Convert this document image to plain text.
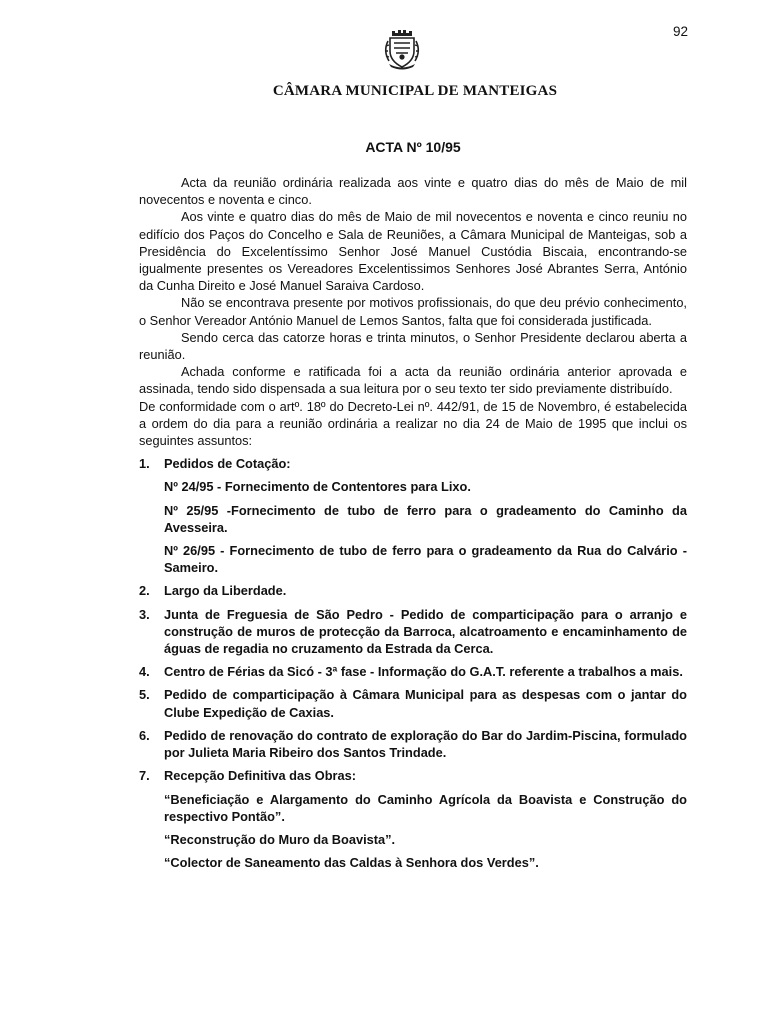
92
CÂMARA MUNICIPAL DE MANTEIGAS
ACTA Nº 10/95

Acta da reunião ordinária realizada aos vinte e quatro dias do mês de Maio de mil novecentos e noventa e cinco.

Aos vinte e quatro dias do mês de Maio de mil novecentos e noventa e cinco reuniu no edifício dos Paços do Concelho e Sala de Reuniões, a Câmara Municipal de Manteigas, sob a Presidência do Excelentíssimo Senhor José Manuel Custódia Biscaia, encontrando-se igualmente presentes os Vereadores Excelentissimos Senhores José Abrantes Serra, António da Cunha Direito e José Manuel Saraiva Cardoso.

Não se encontrava presente por motivos profissionais, do que deu prévio conhecimento, o Senhor Vereador António Manuel de Lemos Santos, falta que foi considerada justificada.

Sendo cerca das catorze horas e trinta minutos, o Senhor Presidente declarou aberta a reunião.

Achada conforme e ratificada foi a acta da reunião ordinária anterior aprovada e assinada, tendo sido dispensada a sua leitura por o seu texto ter sido previamente distribuído.

De conformidade com o artº. 18º do Decreto-Lei nº. 442/91, de 15 de Novembro, é estabelecida a ordem do dia para a reunião ordinária a realizar no dia 24 de Maio de 1995 que inclui os seguintes assuntos:

1. Pedidos de Cotação:
Nº 24/95 - Fornecimento de Contentores para Lixo.
Nº 25/95 -Fornecimento de tubo de ferro para o gradeamento do Caminho da Avesseira.
Nº 26/95 - Fornecimento de tubo de ferro para o gradeamento da Rua do Calvário - Sameiro.
2. Largo da Liberdade.
3. Junta de Freguesia de São Pedro - Pedido de comparticipação para o arranjo e construção de muros de protecção da Barroca, alcatroamento e encaminhamento de águas de regadia no cruzamento da Estrada da Cerca.
4. Centro de Férias da Sicó - 3ª fase - Informação do G.A.T. referente a trabalhos a mais.
5. Pedido de comparticipação à Câmara Municipal para as despesas com o jantar do Clube Expedição de Caxias.
6. Pedido de renovação do contrato de exploração do Bar do Jardim-Piscina, formulado por Julieta Maria Ribeiro dos Santos Trindade.
7. Recepção Definitiva das Obras:
“Beneficiação e Alargamento do Caminho Agrícola da Boavista e Construção do respectivo Pontão”.
“Reconstrução do Muro da Boavista”.
“Colector de Saneamento das Caldas à Senhora dos Verdes”.
